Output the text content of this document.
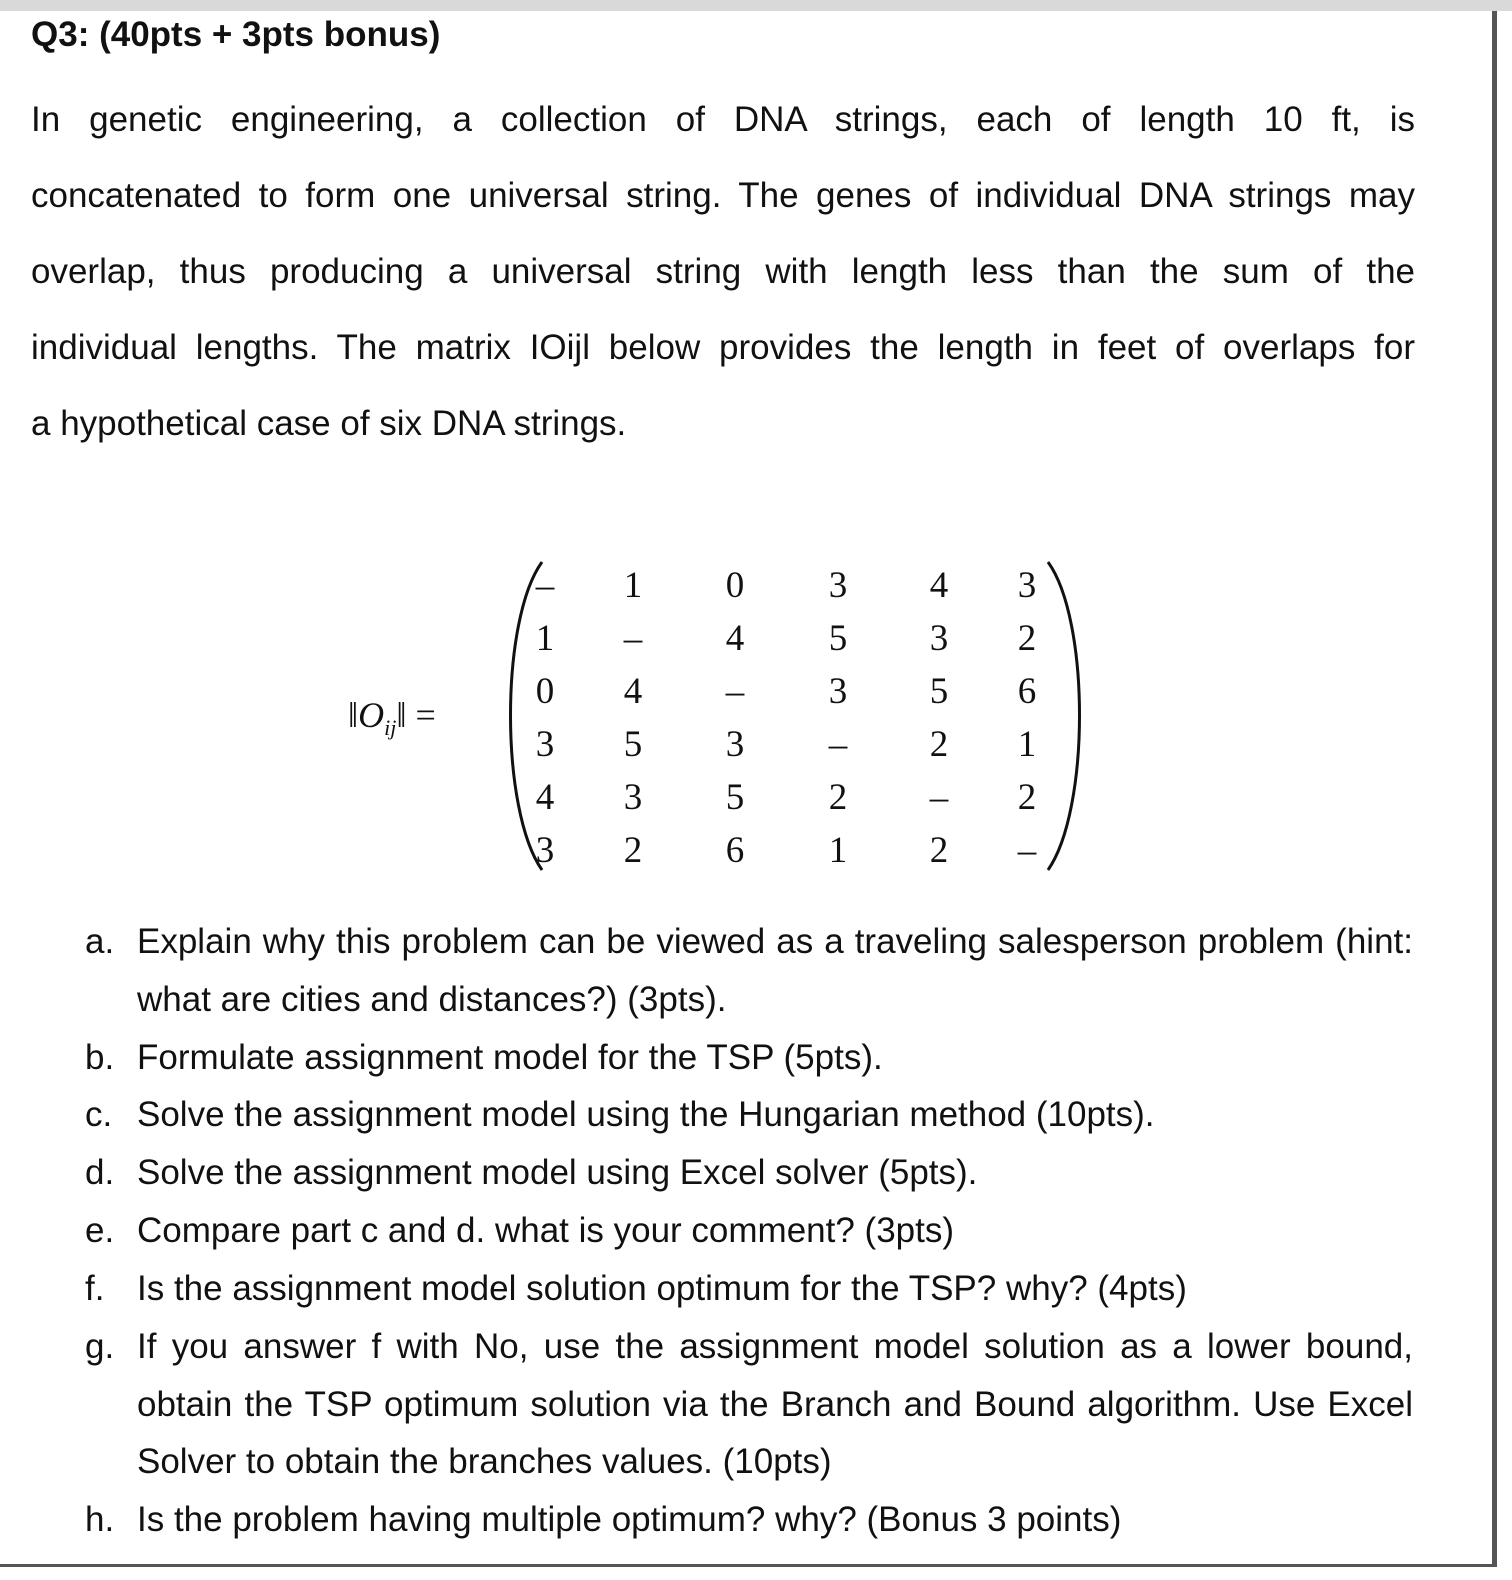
Q3: (40pts + 3pts bonus)
In genetic engineering, a collection of DNA strings, each of length 10 ft, is
concatenated to form one universal string. The genes of individual DNA strings may
overlap, thus producing a universal string with length less than the sum of the
individual lengths. The matrix IOijl below provides the length in feet of overlaps for
a hypothetical case of six DNA strings.
$‖O_{ij}‖$ =
– 1 0 3 4 3
1 – 4 5 3 2
0 4 – 3 5 6
3 5 3 – 2 1
4 3 5 2 – 2
3 2 6 1 2 –
a. Explain why this problem can be viewed as a traveling salesperson problem (hint: what are cities and distances?) (3pts).
b. Formulate assignment model for the TSP (5pts).
c. Solve the assignment model using the Hungarian method (10pts).
d. Solve the assignment model using Excel solver (5pts).
e. Compare part c and d. what is your comment? (3pts)
f. Is the assignment model solution optimum for the TSP? why? (4pts)
g. If you answer f with No, use the assignment model solution as a lower bound, obtain the TSP optimum solution via the Branch and Bound algorithm. Use Excel Solver to obtain the branches values. (10pts)
h. Is the problem having multiple optimum? why? (Bonus 3 points)
